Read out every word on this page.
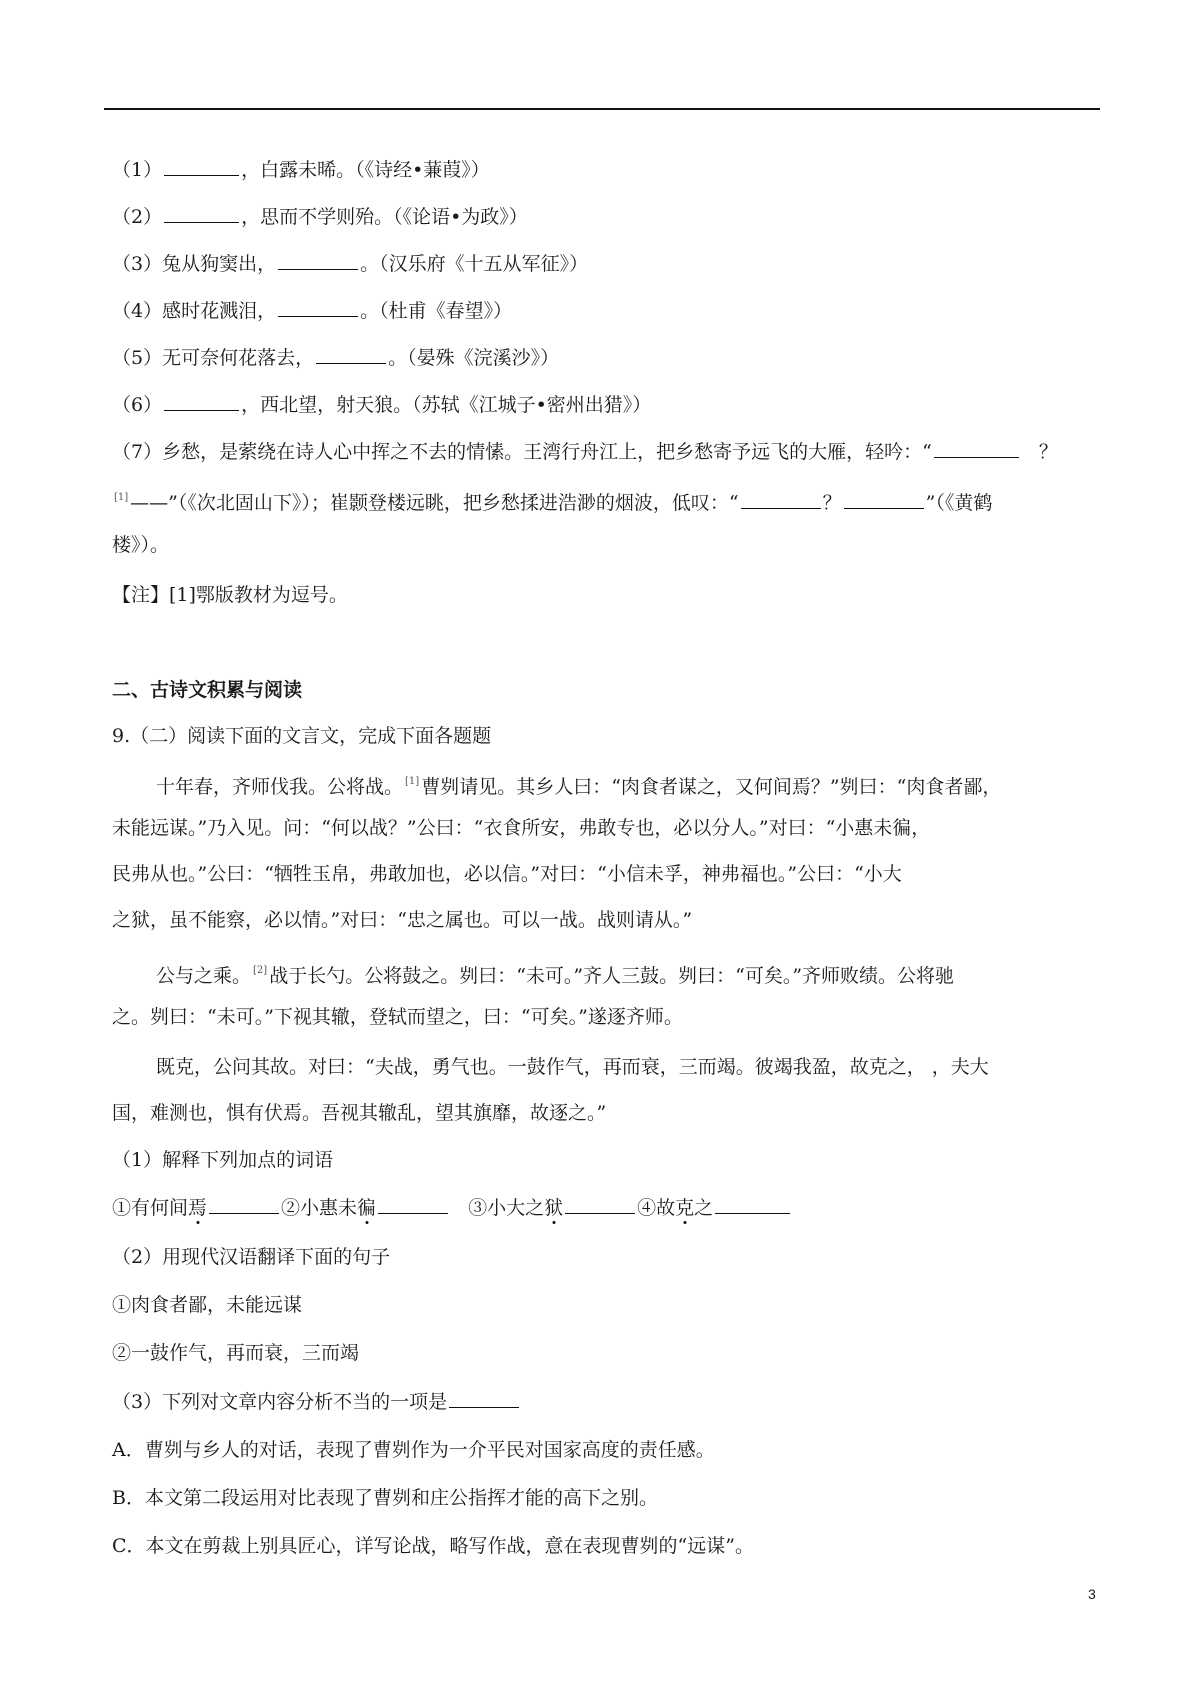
（1）	，白露未晞。（《诗经•蒹葭》）
（2）	，思而不学则殆。（《论语•为政》）
（3）兔从狗窦出，	。（汉乐府《十五从军征》）
（4）感时花溅泪，	。（杜甫《春望》）
（5）无可奈何花落去，	。（晏殊《浣溪沙》）
（6）	，西北望，射天狼。（苏轼《江城子•密州出猎》）
（7）乡愁，是萦绕在诗人心中挥之不去的情愫。王湾行舟江上，把乡愁寄予远飞的大雁，轻吟：“	？
[1] ——”（《次北固山下》）；崔颢登楼远眺，把乡愁揉进浩渺的烟波，低叹：“	？	”（《黄鹤
楼》）。
【注】[1]鄂版教材为逗号。
二、古诗文积累与阅读
9.（二）阅读下面的文言文，完成下面各题题
十年春，齐师伐我。公将战。 [1] 曹刿请见。其乡人曰：“肉食者谋之，又何间焉？”刿曰：“肉食者鄙，
未能远谋。”乃入见。问：“何以战？”公曰：“衣食所安，弗敢专也，必以分人。”对曰：“小惠未徧，
民弗从也。”公曰：“牺牲玉帛，弗敢加也，必以信。”对曰：“小信未孚，神弗福也。”公曰：“小大
之狱，虽不能察，必以情。”对曰：“忠之属也。可以一战。战则请从。”
公与之乘。 [2] 战于长勺。公将鼓之。刿曰：“未可。”齐人三鼓。刿曰：“可矣。”齐师败绩。公将驰
之。刿曰：“未可。”下视其辙，登轼而望之，曰：“可矣。”遂逐齐师。
既克，公问其故。对曰：“夫战，勇气也。一鼓作气，再而衰，三而竭。彼竭我盈，故克之， ，夫大
国，难测也，惧有伏焉。吾视其辙乱，望其旗靡，故逐之。”
（1）解释下列加点的词语
①有何间焉	②小惠未徧	③小大之狱	④故克之
（2）用现代汉语翻译下面的句子
①肉食者鄙，未能远谋
②一鼓作气，再而衰，三而竭
（3）下列对文章内容分析不当的一项是
A．曹刿与乡人的对话，表现了曹刿作为一介平民对国家高度的责任感。
B．本文第二段运用对比表现了曹刿和庄公指挥才能的高下之别。
C．本文在剪裁上别具匠心，详写论战，略写作战，意在表现曹刿的“远谋”。
3
